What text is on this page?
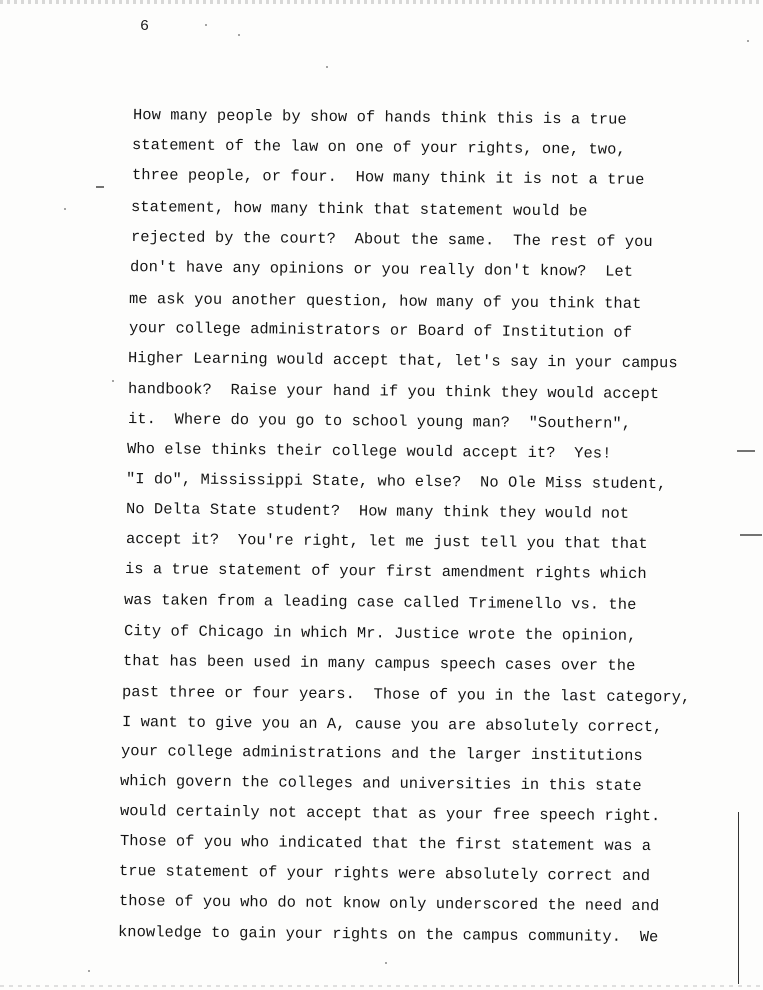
6
How many people by show of hands think this is a true
statement of the law on one of your rights, one, two,
three people, or four.  How many think it is not a true
statement, how many think that statement would be
rejected by the court?  About the same.  The rest of you
don't have any opinions or you really don't know?  Let
me ask you another question, how many of you think that
your college administrators or Board of Institution of
Higher Learning would accept that, let's say in your campus
handbook?  Raise your hand if you think they would accept
it.  Where do you go to school young man?  "Southern",
Who else thinks their college would accept it?  Yes!
"I do", Mississippi State, who else?  No Ole Miss student,
No Delta State student?  How many think they would not
accept it?  You're right, let me just tell you that that
is a true statement of your first amendment rights which
was taken from a leading case called Trimenello vs. the
City of Chicago in which Mr. Justice wrote the opinion,
that has been used in many campus speech cases over the
past three or four years.  Those of you in the last category,
I want to give you an A, cause you are absolutely correct,
your college administrations and the larger institutions
which govern the colleges and universities in this state
would certainly not accept that as your free speech right.
Those of you who indicated that the first statement was a
true statement of your rights were absolutely correct and
those of you who do not know only underscored the need and
knowledge to gain your rights on the campus community.  We
